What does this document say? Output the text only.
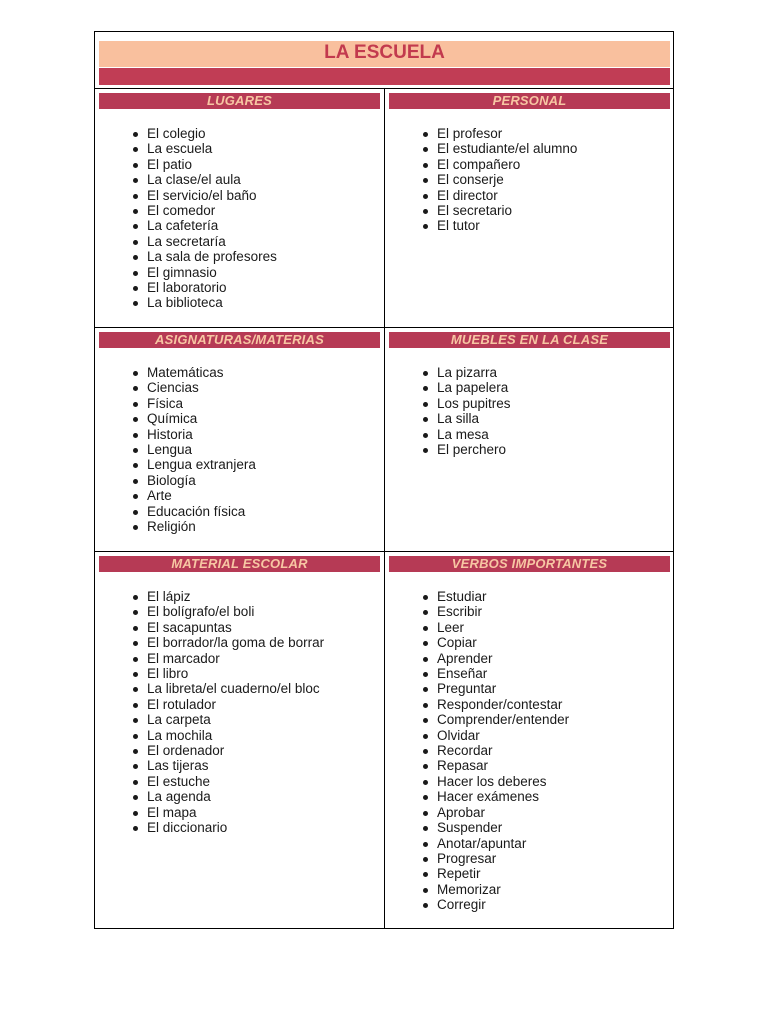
LA ESCUELA
LUGARES
El colegio
La escuela
El patio
La clase/el aula
El servicio/el baño
El comedor
La cafetería
La secretaría
La sala de profesores
El gimnasio
El laboratorio
La biblioteca
PERSONAL
El profesor
El estudiante/el alumno
El compañero
El conserje
El director
El secretario
El tutor
ASIGNATURAS/MATERIAS
Matemáticas
Ciencias
Física
Química
Historia
Lengua
Lengua extranjera
Biología
Arte
Educación física
Religión
MUEBLES EN LA CLASE
La pizarra
La papelera
Los pupitres
La silla
La mesa
El perchero
MATERIAL ESCOLAR
El lápiz
El bolígrafo/el boli
El sacapuntas
El borrador/la goma de borrar
El marcador
El libro
La libreta/el cuaderno/el bloc
El rotulador
La carpeta
La mochila
El ordenador
Las tijeras
El estuche
La agenda
El mapa
El diccionario
VERBOS IMPORTANTES
Estudiar
Escribir
Leer
Copiar
Aprender
Enseñar
Preguntar
Responder/contestar
Comprender/entender
Olvidar
Recordar
Repasar
Hacer los deberes
Hacer exámenes
Aprobar
Suspender
Anotar/apuntar
Progresar
Repetir
Memorizar
Corregir
